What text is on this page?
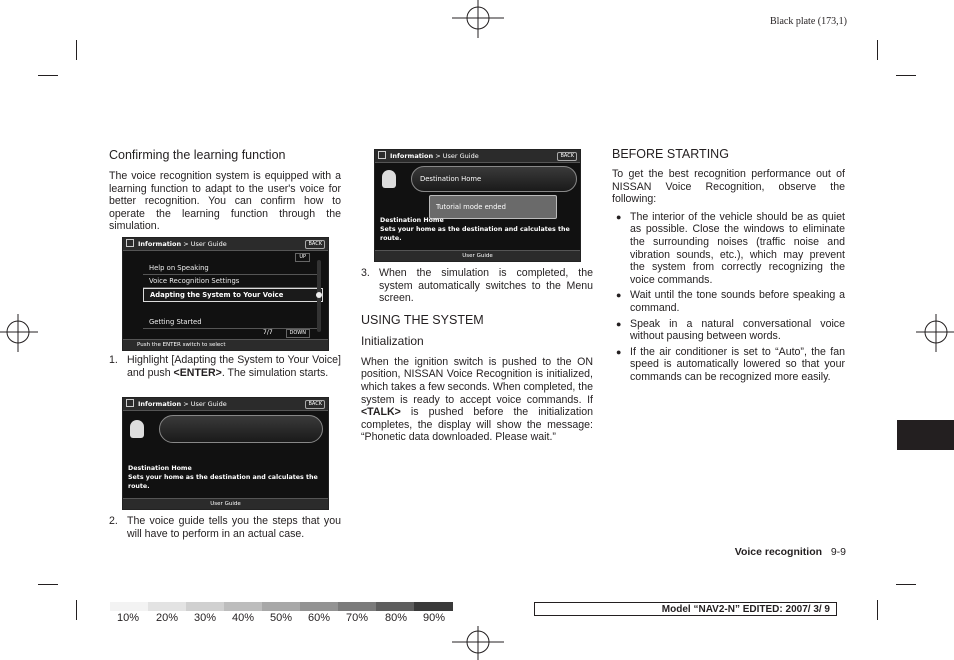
Black plate (173,1)
Confirming the learning function
The voice recognition system is equipped with a learning function to adapt to the user's voice for better recognition. You can confirm how to operate the learning function through the simulation.
Information > User Guide	BACK
UP
Help on Speaking
Voice Recognition Settings
Adapting the System to Your Voice
Getting Started
7/7	DOWN
Push the ENTER switch to select
1. Highlight [Adapting the System to Your Voice] and push <ENTER>. The simulation starts.
Information > User Guide	BACK
Destination Home
Sets your home as the destination and calculates the route.
User Guide
2. The voice guide tells you the steps that you will have to perform in an actual case.
Information > User Guide	BACK
Destination Home
Tutorial mode ended
Destination Home
Sets your home as the destination and calculates the route.
User Guide
3. When the simulation is completed, the system automatically switches to the Menu screen.
USING THE SYSTEM
Initialization
When the ignition switch is pushed to the ON position, NISSAN Voice Recognition is initialized, which takes a few seconds. When completed, the system is ready to accept voice commands. If <TALK> is pushed before the initialization completes, the display will show the message: “Phonetic data downloaded. Please wait.”
BEFORE STARTING
To get the best recognition performance out of NISSAN Voice Recognition, observe the following:
● The interior of the vehicle should be as quiet as possible. Close the windows to eliminate the surrounding noises (traffic noise and vibration sounds, etc.), which may prevent the system from correctly recognizing the voice commands.
● Wait until the tone sounds before speaking a command.
● Speak in a natural conversational voice without pausing between words.
● If the air conditioner is set to “Auto”, the fan speed is automatically lowered so that your commands can be recognized more easily.
Voice recognition 9-9
10% 20% 30% 40% 50% 60% 70% 80% 90%
Model “NAV2-N” EDITED: 2007/ 3/ 9
